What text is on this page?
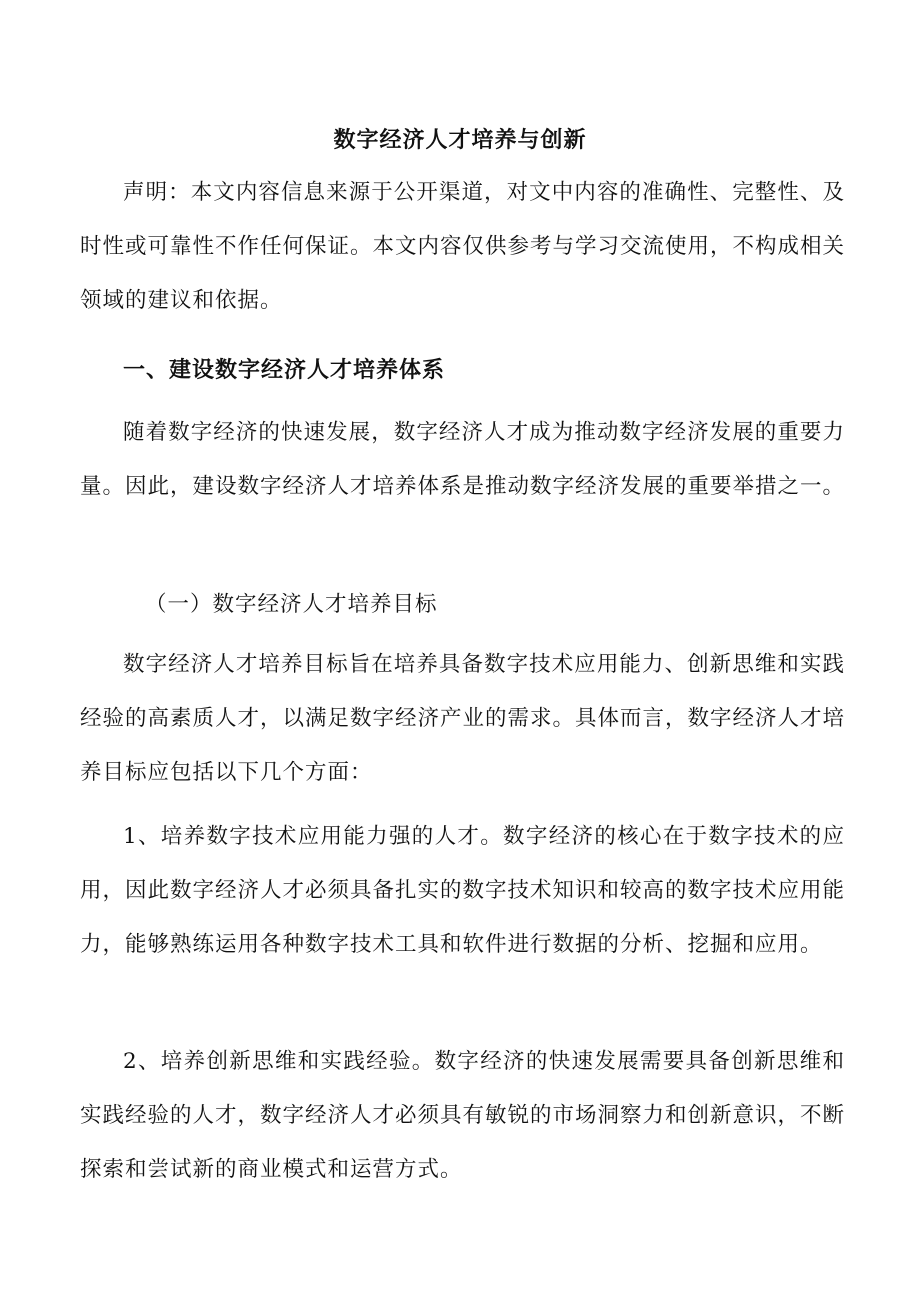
数字经济人才培养与创新

声明：本文内容信息来源于公开渠道，对文中内容的准确性、完整性、及时性或可靠性不作任何保证。本文内容仅供参考与学习交流使用，不构成相关领域的建议和依据。

一、建设数字经济人才培养体系

随着数字经济的快速发展，数字经济人才成为推动数字经济发展的重要力量。因此，建设数字经济人才培养体系是推动数字经济发展的重要举措之一。

（一）数字经济人才培养目标

数字经济人才培养目标旨在培养具备数字技术应用能力、创新思维和实践经验的高素质人才，以满足数字经济产业的需求。具体而言，数字经济人才培养目标应包括以下几个方面：

1、培养数字技术应用能力强的人才。数字经济的核心在于数字技术的应用，因此数字经济人才必须具备扎实的数字技术知识和较高的数字技术应用能力，能够熟练运用各种数字技术工具和软件进行数据的分析、挖掘和应用。

2、培养创新思维和实践经验。数字经济的快速发展需要具备创新思维和实践经验的人才，数字经济人才必须具有敏锐的市场洞察力和创新意识，不断探索和尝试新的商业模式和运营方式。
